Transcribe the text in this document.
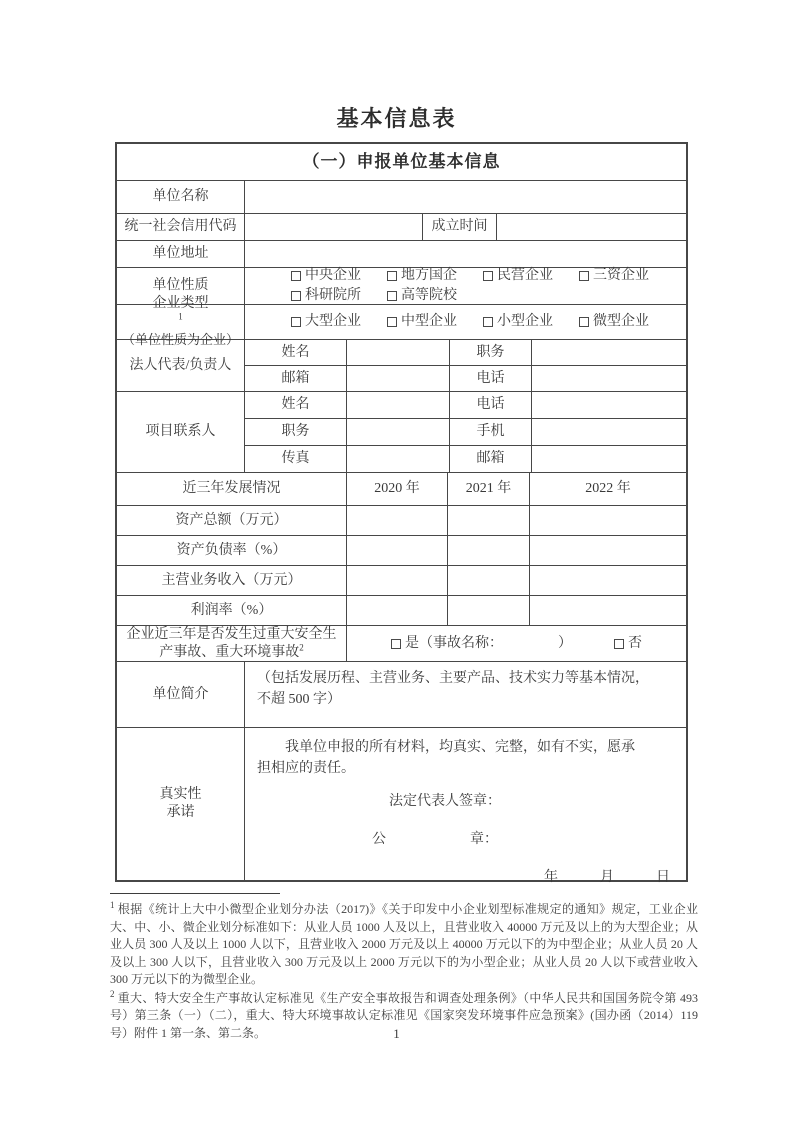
基本信息表
（一）申报单位基本信息
单位名称
统一社会信用代码	成立时间
单位地址
单位性质
中央企业	地方国企	民营企业	三资企业
科研院所	高等院校
企业类型
$^1$
（单位性质为企业）
大型企业	中型企业	小型企业	微型企业
法人代表/负责人
姓名	职务
邮箱	电话
项目联系人
姓名	电话
职务	手机
传真	邮箱
近三年发展情况	2020 年	2021 年	2022 年
资产总额（万元）
资产负债率（%）
主营业务收入（万元）
利润率（%）
企业近三年是否发生过重大安全生产事故、重大环境事故$^2$	是（事故名称：	）	否
单位简介
（包括发展历程、主营业务、主要产品、技术实力等基本情况，不超 500 字）
真实性
承诺

我单位申报的所有材料，均真实、完整，如有不实，愿承担相应的责任。

法定代表人签章：
公　　　　　　章：
年　　　月　　　日

$^1$ 根据《统计上大中小微型企业划分办法（2017)》《关于印发中小企业划型标准规定的通知》规定，工业企业大、中、小、微企业划分标准如下：从业人员 1000 人及以上，且营业收入 40000 万元及以上的为大型企业；从业人员 300 人及以上 1000 人以下，且营业收入 2000 万元及以上 40000 万元以下的为中型企业；从业人员 20 人及以上 300 人以下，且营业收入 300 万元及以上 2000 万元以下的为小型企业；从业人员 20 人以下或营业收入 300 万元以下的为微型企业。

$^2$ 重大、特大安全生产事故认定标准见《生产安全事故报告和调查处理条例》（中华人民共和国国务院令第 493 号）第三条（一）（二），重大、特大环境事故认定标准见《国家突发环境事件应急预案》(国办函（2014）119 号）附件 1 第一条、第二条。	1
